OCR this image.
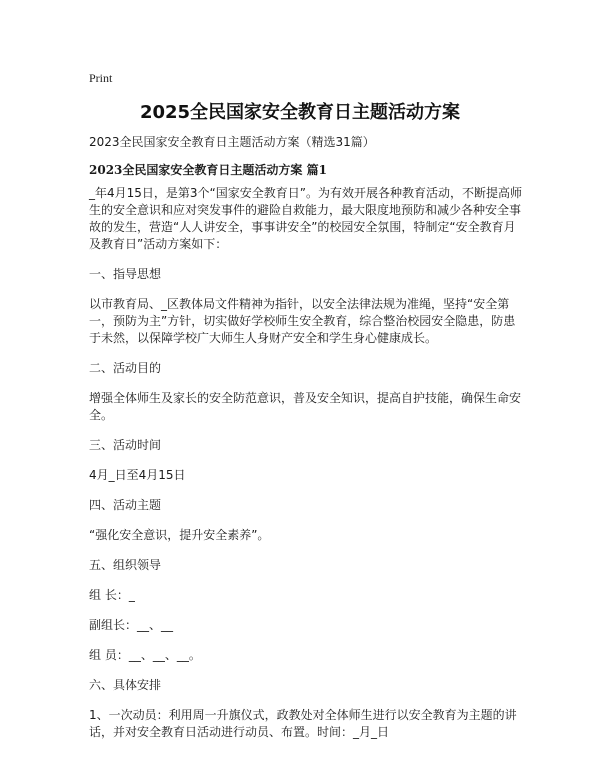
Print
2025全民国家安全教育日主题活动方案

2023全民国家安全教育日主题活动方案（精选31篇）

2023全民国家安全教育日主题活动方案 篇1

_年4月15日，是第3个“国家安全教育日”。为有效开展各种教育活动，不断提高师生的安全意识和应对突发事件的避险自救能力，最大限度地预防和减少各种安全事故的发生，营造“人人讲安全，事事讲安全”的校园安全氛围，特制定“安全教育月及教育日”活动方案如下：

一、指导思想

以市教育局、_区教体局文件精神为指针，以安全法律法规为准绳，坚持“安全第一，预防为主”方针，切实做好学校师生安全教育，综合整治校园安全隐患，防患于未然，以保障学校广大师生人身财产安全和学生身心健康成长。

二、活动目的

增强全体师生及家长的安全防范意识，普及安全知识，提高自护技能，确保生命安全。

三、活动时间

4月_日至4月15日

四、活动主题

“强化安全意识，提升安全素养”。

五、组织领导

组 长：_

副组长：__、__

组 员：__、__、__。

六、具体安排

1、一次动员：利用周一升旗仪式，政教处对全体师生进行以安全教育为主题的讲话，并对安全教育日活动进行动员、布置。时间：_月_日
